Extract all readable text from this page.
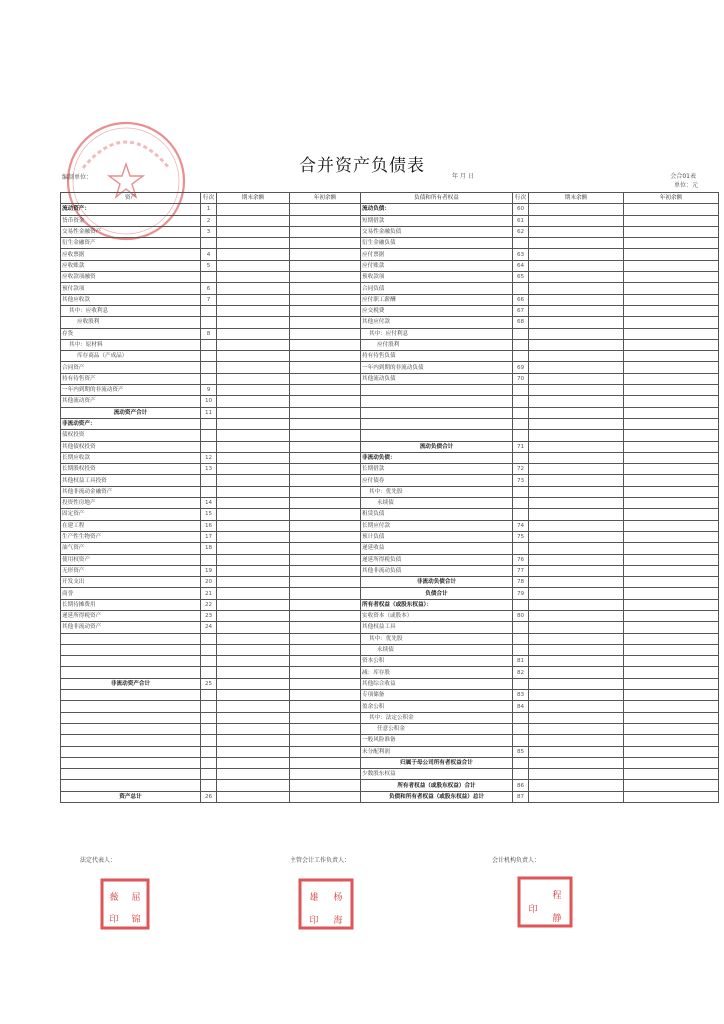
合并资产负债表
编制单位：	年 月 日	会合01表
单位：元
资产	行次	期末余额	年初余额	负债和所有者权益	行次	期末余额	年初余额
流动资产：	1			流动负债：	60		
货币资金	2			短期借款	61		
交易性金融资产	3			交易性金融负债	62		
衍生金融资产				衍生金融负债			
应收票据	4			应付票据	63		
应收账款	5			应付账款	64		
应收款项融资				预收款项	65		
预付款项	6			合同负债			
其他应收款	7			应付职工薪酬	66		
其中：应收利息				应交税费	67		
应收股利				其他应付款	68		
存货	8			其中：应付利息			
其中：原材料				应付股利			
库存商品（产成品）				持有待售负债			
合同资产				一年内到期的非流动负债	69		
持有待售资产				其他流动负债	70		
一年内到期的非流动资产	9						
其他流动资产	10						
流动资产合计	11						
非流动资产：							
债权投资							
其他债权投资				流动负债合计	71		
长期应收款	12			非流动负债：			
长期股权投资	13			长期借款	72		
其他权益工具投资				应付债券	73		
其他非流动金融资产				其中：优先股			
投资性房地产	14			永续债			
固定资产	15			租赁负债			
在建工程	16			长期应付款	74		
生产性生物资产	17			预计负债	75		
油气资产	18			递延收益			
使用权资产				递延所得税负债	76		
无形资产	19			其他非流动负债	77		
开发支出	20			非流动负债合计	78		
商誉	21			负债合计	79		
长期待摊费用	22			所有者权益（或股东权益）：			
递延所得税资产	23			实收资本（或股本）	80		
其他非流动资产	24			其他权益工具			
				其中：优先股			
				永续债			
				资本公积	81		
				减：库存股	82		
非流动资产合计	25			其他综合收益			
				专项储备	83		
				盈余公积	84		
				其中：法定公积金			
				任意公积金			
				一般风险准备			
				未分配利润	85		
				归属于母公司所有者权益合计			
				少数股东权益			
				所有者权益（或股东权益）合计	86		
资产总计	26			负债和所有者权益（或股东权益）总计	87		
法定代表人：	主管会计工作负责人：	会计机构负责人：
薇 屈
印 锦
雄 杨
印 海
印
程
静
